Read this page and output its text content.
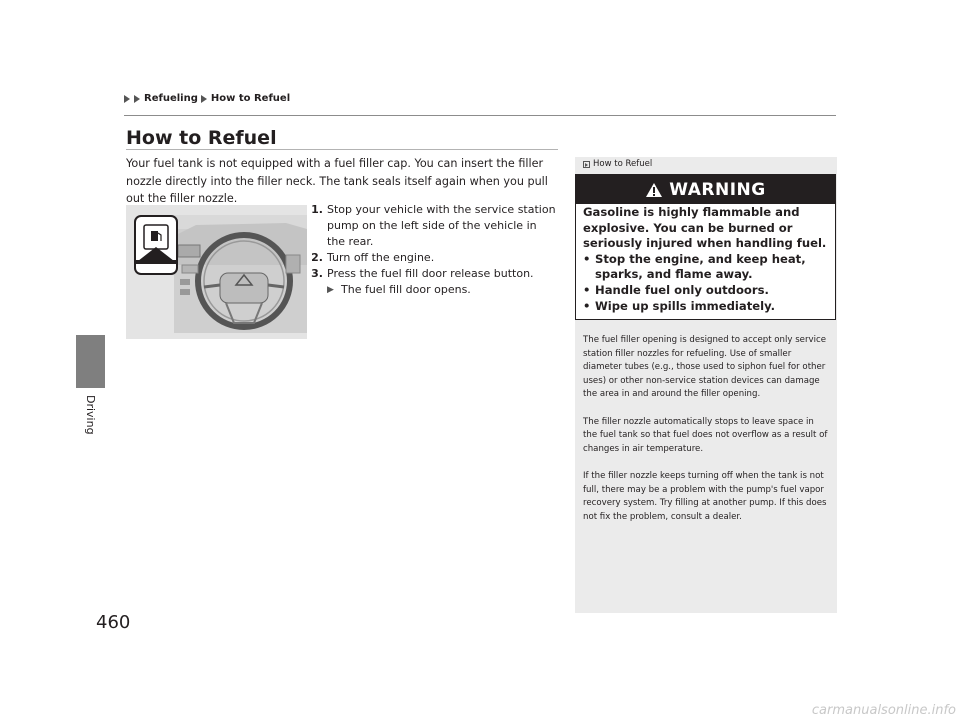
Refueling How to Refuel
Driving
How to Refuel
Your fuel tank is not equipped with a fuel filler cap. You can insert the filler nozzle directly into the filler neck. The tank seals itself again when you pull out the filler nozzle.
1. Stop your vehicle with the service station pump on the left side of the vehicle in the rear.
2. Turn off the engine.
3. Press the fuel fill door release button.
▶ The fuel fill door opens.
How to Refuel
WARNING
Gasoline is highly flammable and explosive. You can be burned or seriously injured when handling fuel.
• Stop the engine, and keep heat, sparks, and flame away.
• Handle fuel only outdoors.
• Wipe up spills immediately.

The fuel filler opening is designed to accept only service station filler nozzles for refueling. Use of smaller diameter tubes (e.g., those used to siphon fuel for other uses) or other non-service station devices can damage the area in and around the filler opening.

The filler nozzle automatically stops to leave space in the fuel tank so that fuel does not overflow as a result of changes in air temperature.

If the filler nozzle keeps turning off when the tank is not full, there may be a problem with the pump's fuel vapor recovery system. Try filling at another pump. If this does not fix the problem, consult a dealer.

460
carmanualsonline.info
